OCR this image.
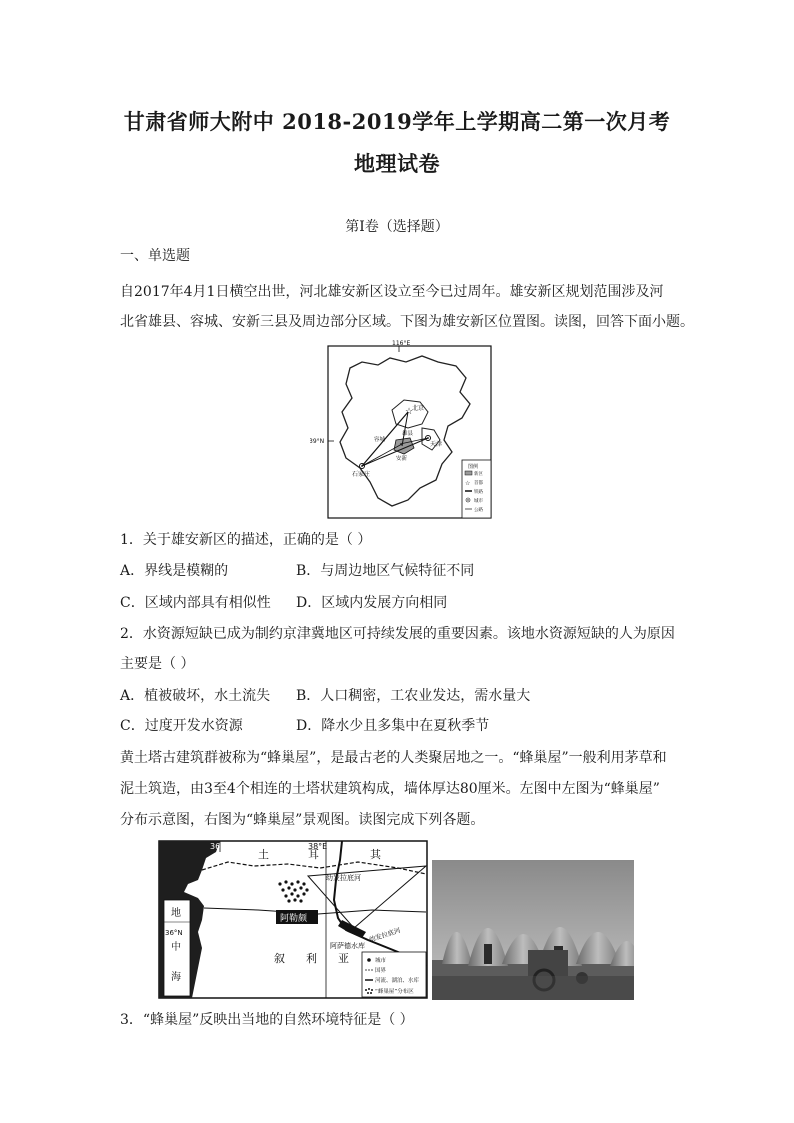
甘肃省师大附中 2018-2019学年上学期高二第一次月考
地理试卷
第I卷（选择题）
一、单选题
自2017年4月1日横空出世，河北雄安新区设立至今已过周年。雄安新区规划范围涉及河
北省雄县、容城、安新三县及周边部分区域。下图为雄安新区位置图。读图，回答下面小题。
116°E
39°N
☆
北京
天津
容城
雄县
安新
石家庄
图例
新区
☆ 首都
铁路
城市
公路
1．关于雄安新区的描述，正确的是（ ）
A．界线是模糊的	B．与周边地区气候特征不同
C．区域内部具有相似性 D．区域内发展方向相同
2．水资源短缺已成为制约京津冀地区可持续发展的重要因素。该地水资源短缺的人为原因
主要是（ ）
A．植被破坏，水土流失 B．人口稠密，工农业发达，需水量大
C．过度开发水资源	D．降水少且多集中在夏秋季节
黄土塔古建筑群被称为“蜂巢屋”，是最古老的人类聚居地之一。“蜂巢屋”一般利用茅草和
泥土筑造，由3至4个相连的土塔状建筑构成，墙体厚达80厘米。左图中左图为“蜂巢屋”
分布示意图，右图为“蜂巢屋”景观图。读图完成下列各题。
地
36°N
中
海
36°E	38°E
土	耳	其
叙 利 亚
阿勒颇
幼发拉底河
阿萨德水库
幼发拉底河
城市
国界
河流、湖泊、水库
“蜂巢屋”分布区
3．“蜂巢屋”反映出当地的自然环境特征是（ ）
